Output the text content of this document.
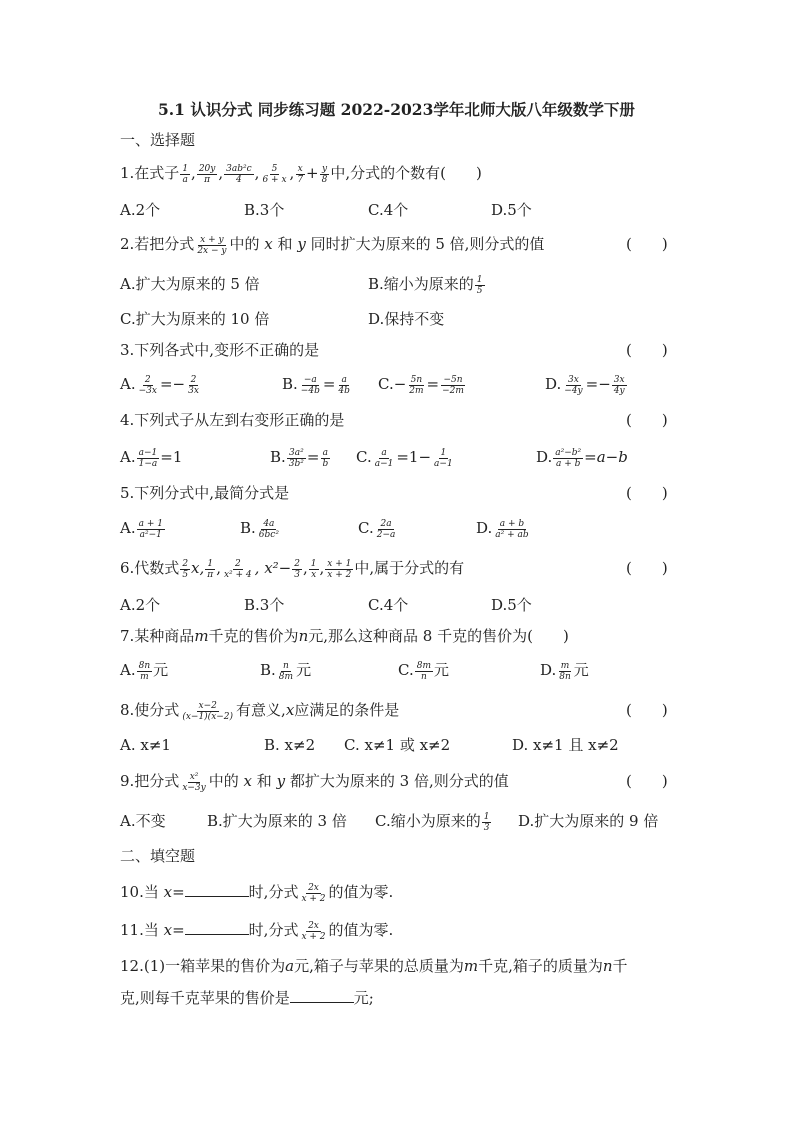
5.1 认识分式 同步练习题 2022-2023学年北师大版八年级数学下册
一、选择题
1.在式子 $\frac{1}{a}$ , $\frac{20y}{\pi}$ , $\frac{\text{3ab²c}}{4}$ , $\frac{5}{6 + x}$ , $\frac{x}{7} + \frac{y}{8}$ 中,分式的个数有(   )
A.2个	B.3个	C.4个	D.5个
2.若把分式 $\frac{x + y}{2x - y}$ 中的 x 和 y 同时扩大为原来的 5 倍,则分式的值	(　　)
A.扩大为原来的 5 倍	B.缩小为原来的 $\frac{1}{5}$
C.扩大为原来的 10 倍	D.保持不变
3.下列各式中,变形不正确的是	(　　)
A. $\frac{2}{-3x} =- \frac{2}{3x}$	B. $\frac{-a}{-4b} = \frac{a}{4b} C.- \frac{5n}{2m} = \frac{-5n}{-2m}$	D. $\frac{3x}{-4y} =- \frac{3x}{4y}$
4.下列式子从左到右变形正确的是	(　　)
A. $\frac{a-1}{1-a} =1$	B. $\frac{\text{3a²}}{\text{3b²}} = \frac{a}{b} C$. $\frac{a}{a-1} =1- \frac{1}{a-1}$	D. $\frac{\text{a²−b²}}{a + b} =a-b$
5.下列分式中,最简分式是	(　　)
A. $\frac{a + 1}{\text{a²−1}}$	B. $\frac{4a}{\text{6bc²}}$	C. $\frac{2a}{2-a}$	D. $\frac{a + b}{\text{a² + ab}}$
6.代数式 $\frac{2}{5} x$, $\frac{1}{\pi}$ , $\frac{2}{\text{x² + 4}}$ , $x^2- \frac{2}{3}$ , $\frac{1}{x}$ , $\frac{x + 1}{x + 2}$ 中,属于分式的有	(　　)
A.2个	B.3个	C.4个	D.5个
7.某种商品m千克的售价为n元,那么这种商品 8 千克的售价为(   )
A. $\frac{8n}{m}$ 元	B. $\frac{n}{8m}$ 元	C. $\frac{8m}{n}$ 元	D. $\frac{m}{8n}$ 元
8.使分式 $\frac{x-2}{(x-1)(x-2)}$ 有意义,x应满足的条件是	(　　)
A. x≠1	B. x≠2 C. x≠1 或 x≠2	D. x≠1 且 x≠2
9.把分式 $\frac{\text{x²}}{x-3y}$ 中的 x 和 y 都扩大为原来的 3 倍,则分式的值	(　　)
A.不变	B.扩大为原来的 3 倍 C.缩小为原来的 $\frac{1}{3} D$.扩大为原来的 9 倍
二、填空题
10.当 x=	时,分式 $\frac{2x}{x + 2}$ 的值为零.
11.当 x=	时,分式 $\frac{2x}{x + 2}$ 的值为零.
12.(1)一箱苹果的售价为a元,箱子与苹果的总质量为m千克,箱子的质量为n千
克,则每千克苹果的售价是	元;
